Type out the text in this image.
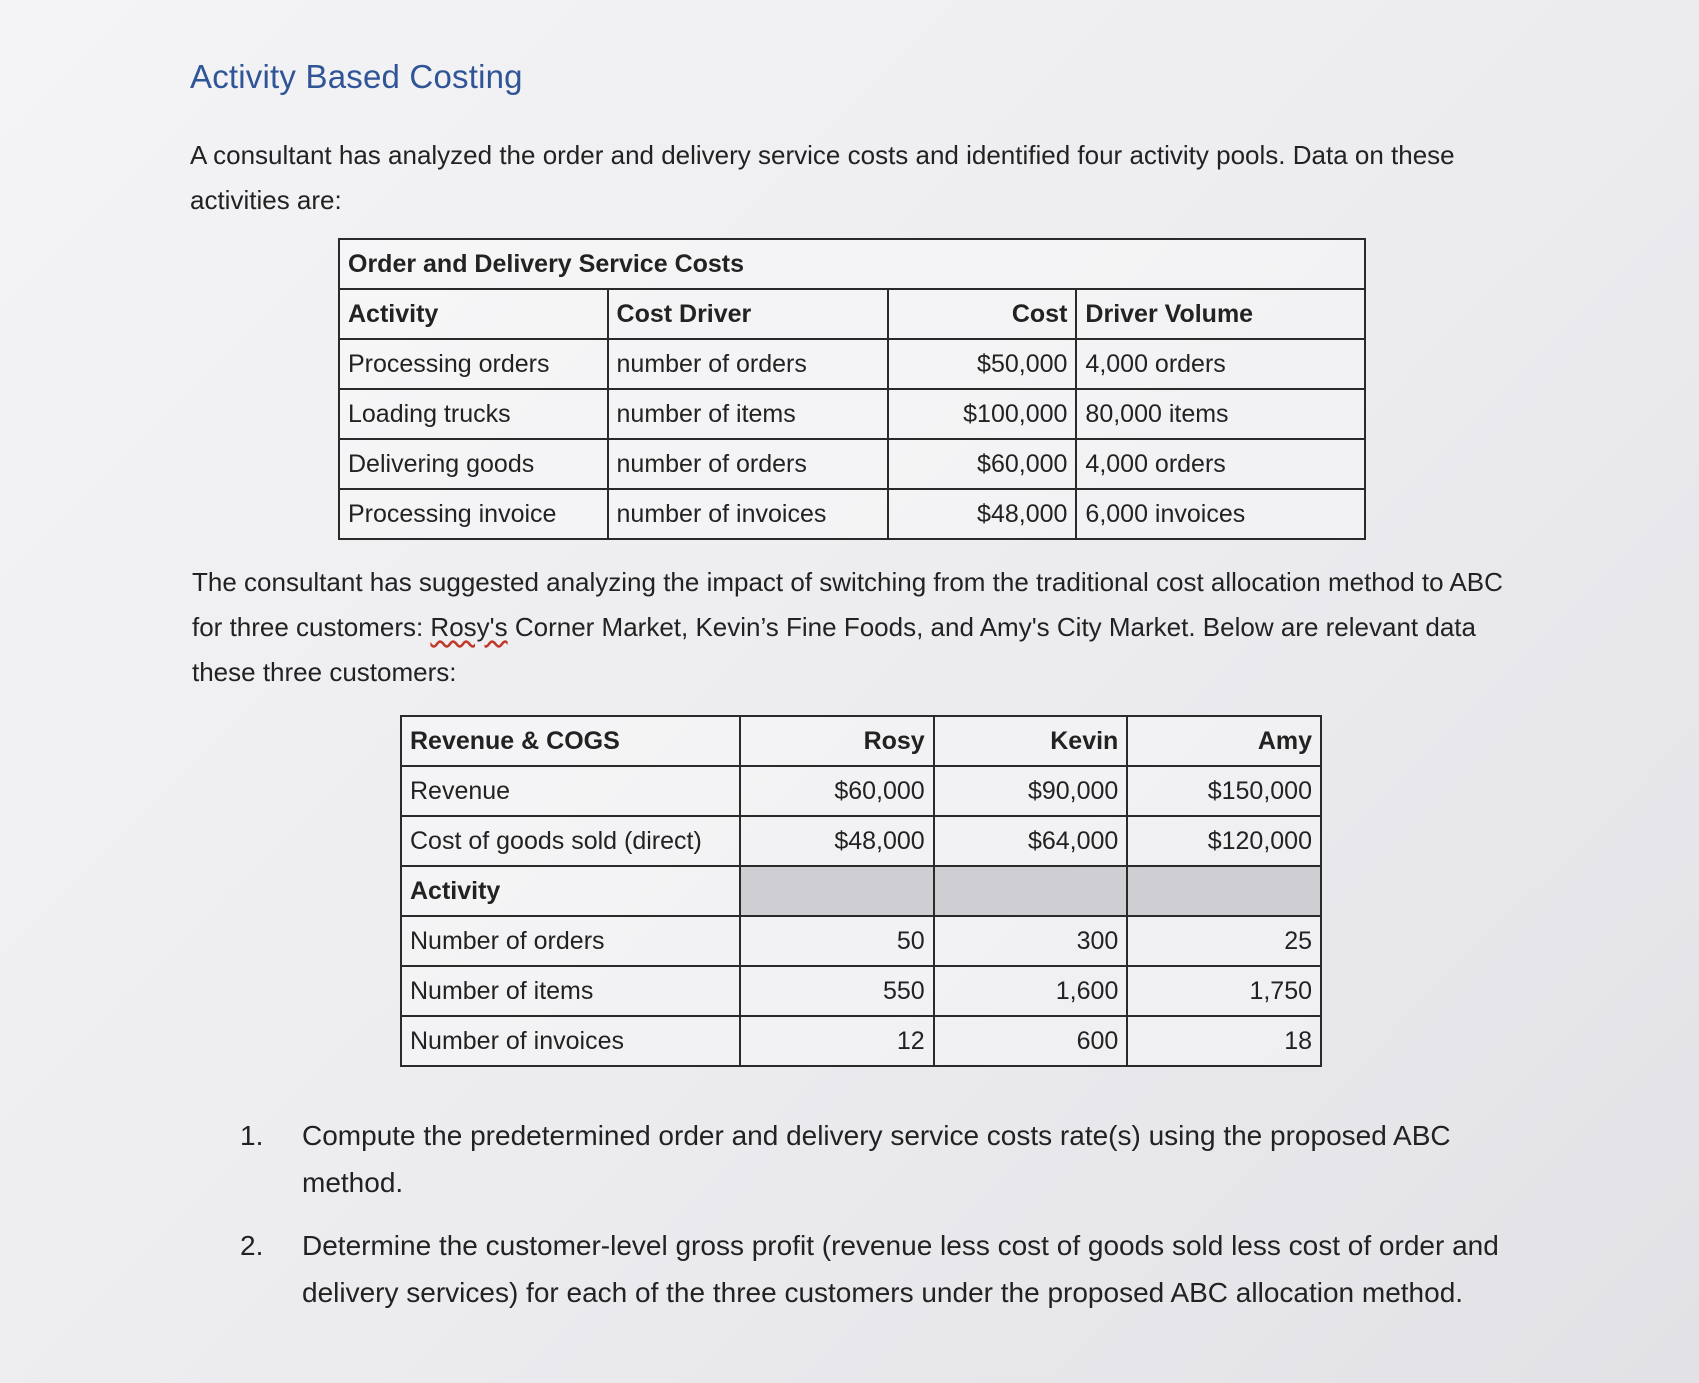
Activity Based Costing
A consultant has analyzed the order and delivery service costs and identified four activity pools. Data on these activities are:
Order and Delivery Service Costs			
Activity	Cost Driver	Cost	Driver Volume
Processing orders	number of orders	$50,000	4,000 orders
Loading trucks	number of items	$100,000	80,000 items
Delivering goods	number of orders	$60,000	4,000 orders
Processing invoice	number of invoices	$48,000	6,000 invoices
The consultant has suggested analyzing the impact of switching from the traditional cost allocation method to ABC for three customers: Rosy's Corner Market, Kevin’s Fine Foods, and Amy's City Market. Below are relevant data these three customers:
Revenue & COGS	Rosy	Kevin	Amy
Revenue	$60,000	$90,000	$150,000
Cost of goods sold (direct)	$48,000	$64,000	$120,000
Activity			
Number of orders	50	300	25
Number of items	550	1,600	1,750
Number of invoices	12	600	18
1.	Compute the predetermined order and delivery service costs rate(s) using the proposed ABC method.
2.	Determine the customer-level gross profit (revenue less cost of goods sold less cost of order and delivery services) for each of the three customers under the proposed ABC allocation method.
